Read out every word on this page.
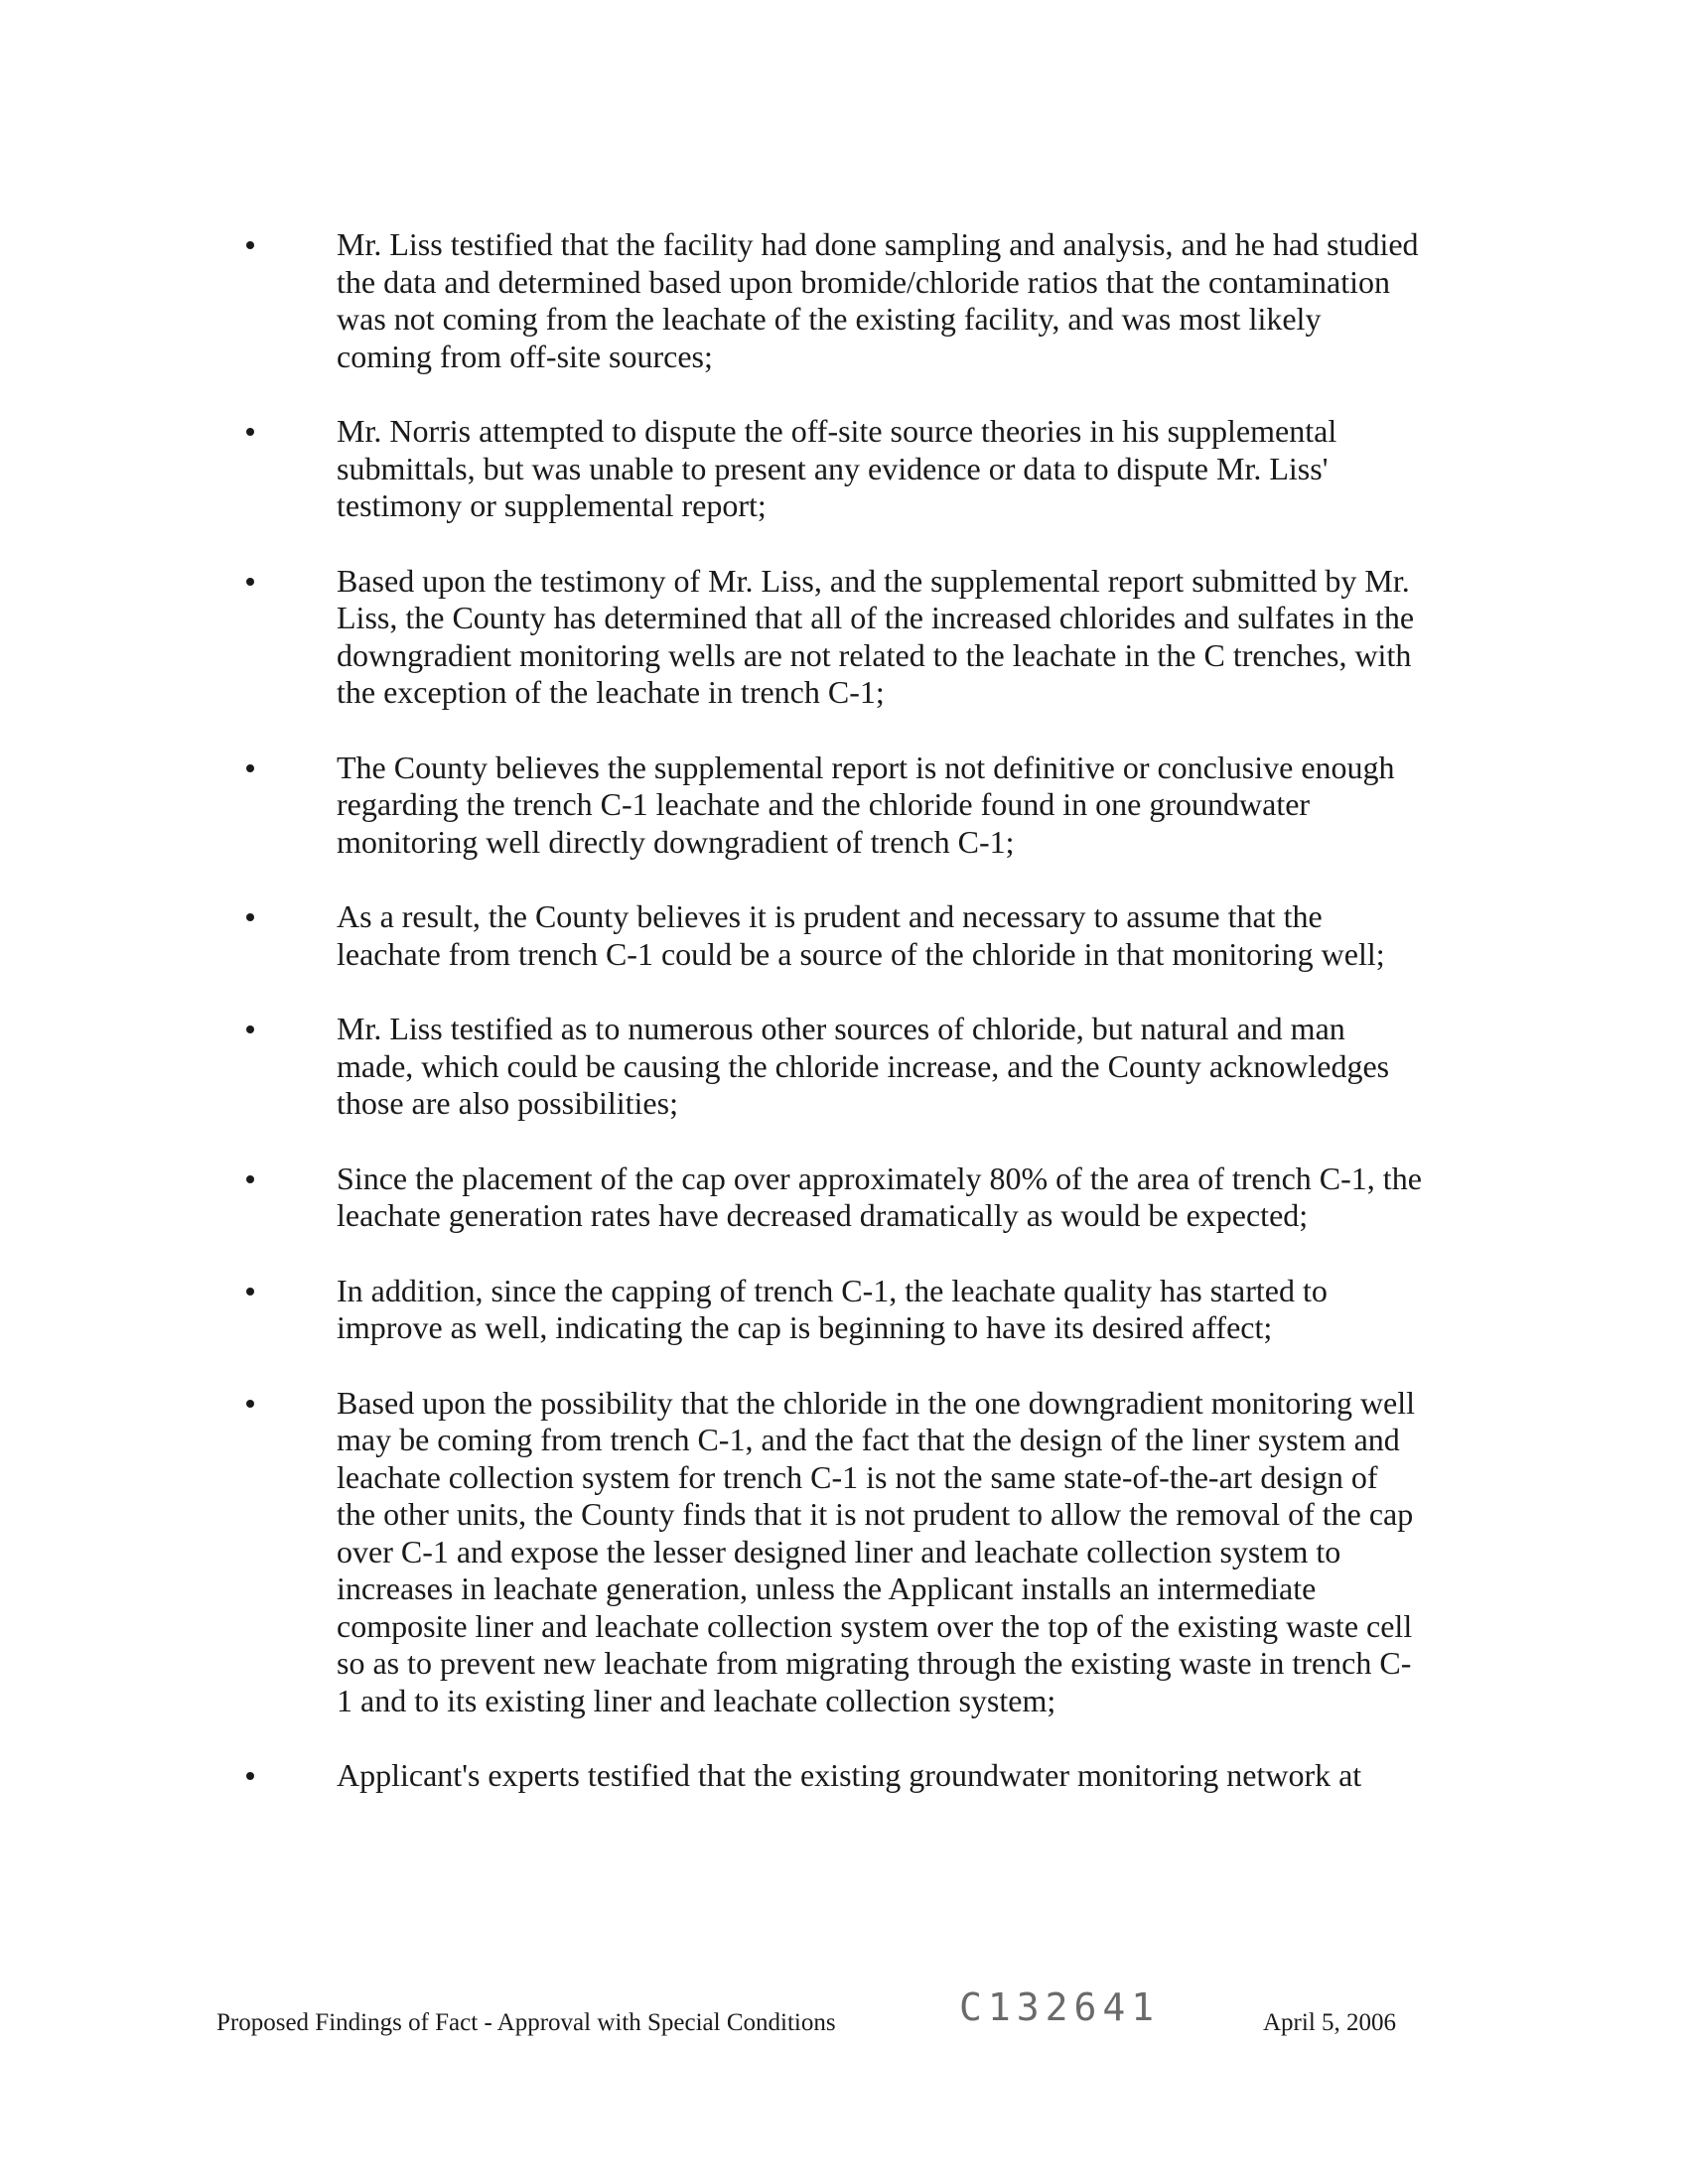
Mr. Liss testified that the facility had done sampling and analysis, and he had studied the data and determined based upon bromide/chloride ratios that the contamination was not coming from the leachate of the existing facility, and was most likely coming from off-site sources;
Mr. Norris attempted to dispute the off-site source theories in his supplemental submittals, but was unable to present any evidence or data to dispute Mr. Liss' testimony or supplemental report;
Based upon the testimony of Mr. Liss, and the supplemental report submitted by Mr. Liss, the County has determined that all of the increased chlorides and sulfates in the downgradient monitoring wells are not related to the leachate in the C trenches, with the exception of the leachate in trench C-1;
The County believes the supplemental report is not definitive or conclusive enough regarding the trench C-1 leachate and the chloride found in one groundwater monitoring well directly downgradient of trench C-1;
As a result, the County believes it is prudent and necessary to assume that the leachate from trench C-1 could be a source of the chloride in that monitoring well;
Mr. Liss testified as to numerous other sources of chloride, but natural and man made, which could be causing the chloride increase, and the County acknowledges those are also possibilities;
Since the placement of the cap over approximately 80% of the area of trench C-1, the leachate generation rates have decreased dramatically as would be expected;
In addition, since the capping of trench C-1, the leachate quality has started to improve as well, indicating the cap is beginning to have its desired affect;
Based upon the possibility that the chloride in the one downgradient monitoring well may be coming from trench C-1, and the fact that the design of the liner system and leachate collection system for trench C-1 is not the same state-of-the-art design of the other units, the County finds that it is not prudent to allow the removal of the cap over C-1 and expose the lesser designed liner and leachate collection system to increases in leachate generation, unless the Applicant installs an intermediate composite liner and leachate collection system over the top of the existing waste cell so as to prevent new leachate from migrating through the existing waste in trench C-1 and to its existing liner and leachate collection system;
Applicant's experts testified that the existing groundwater monitoring network at
Proposed Findings of Fact - Approval with Special Conditions	C132641	April 5, 2006
